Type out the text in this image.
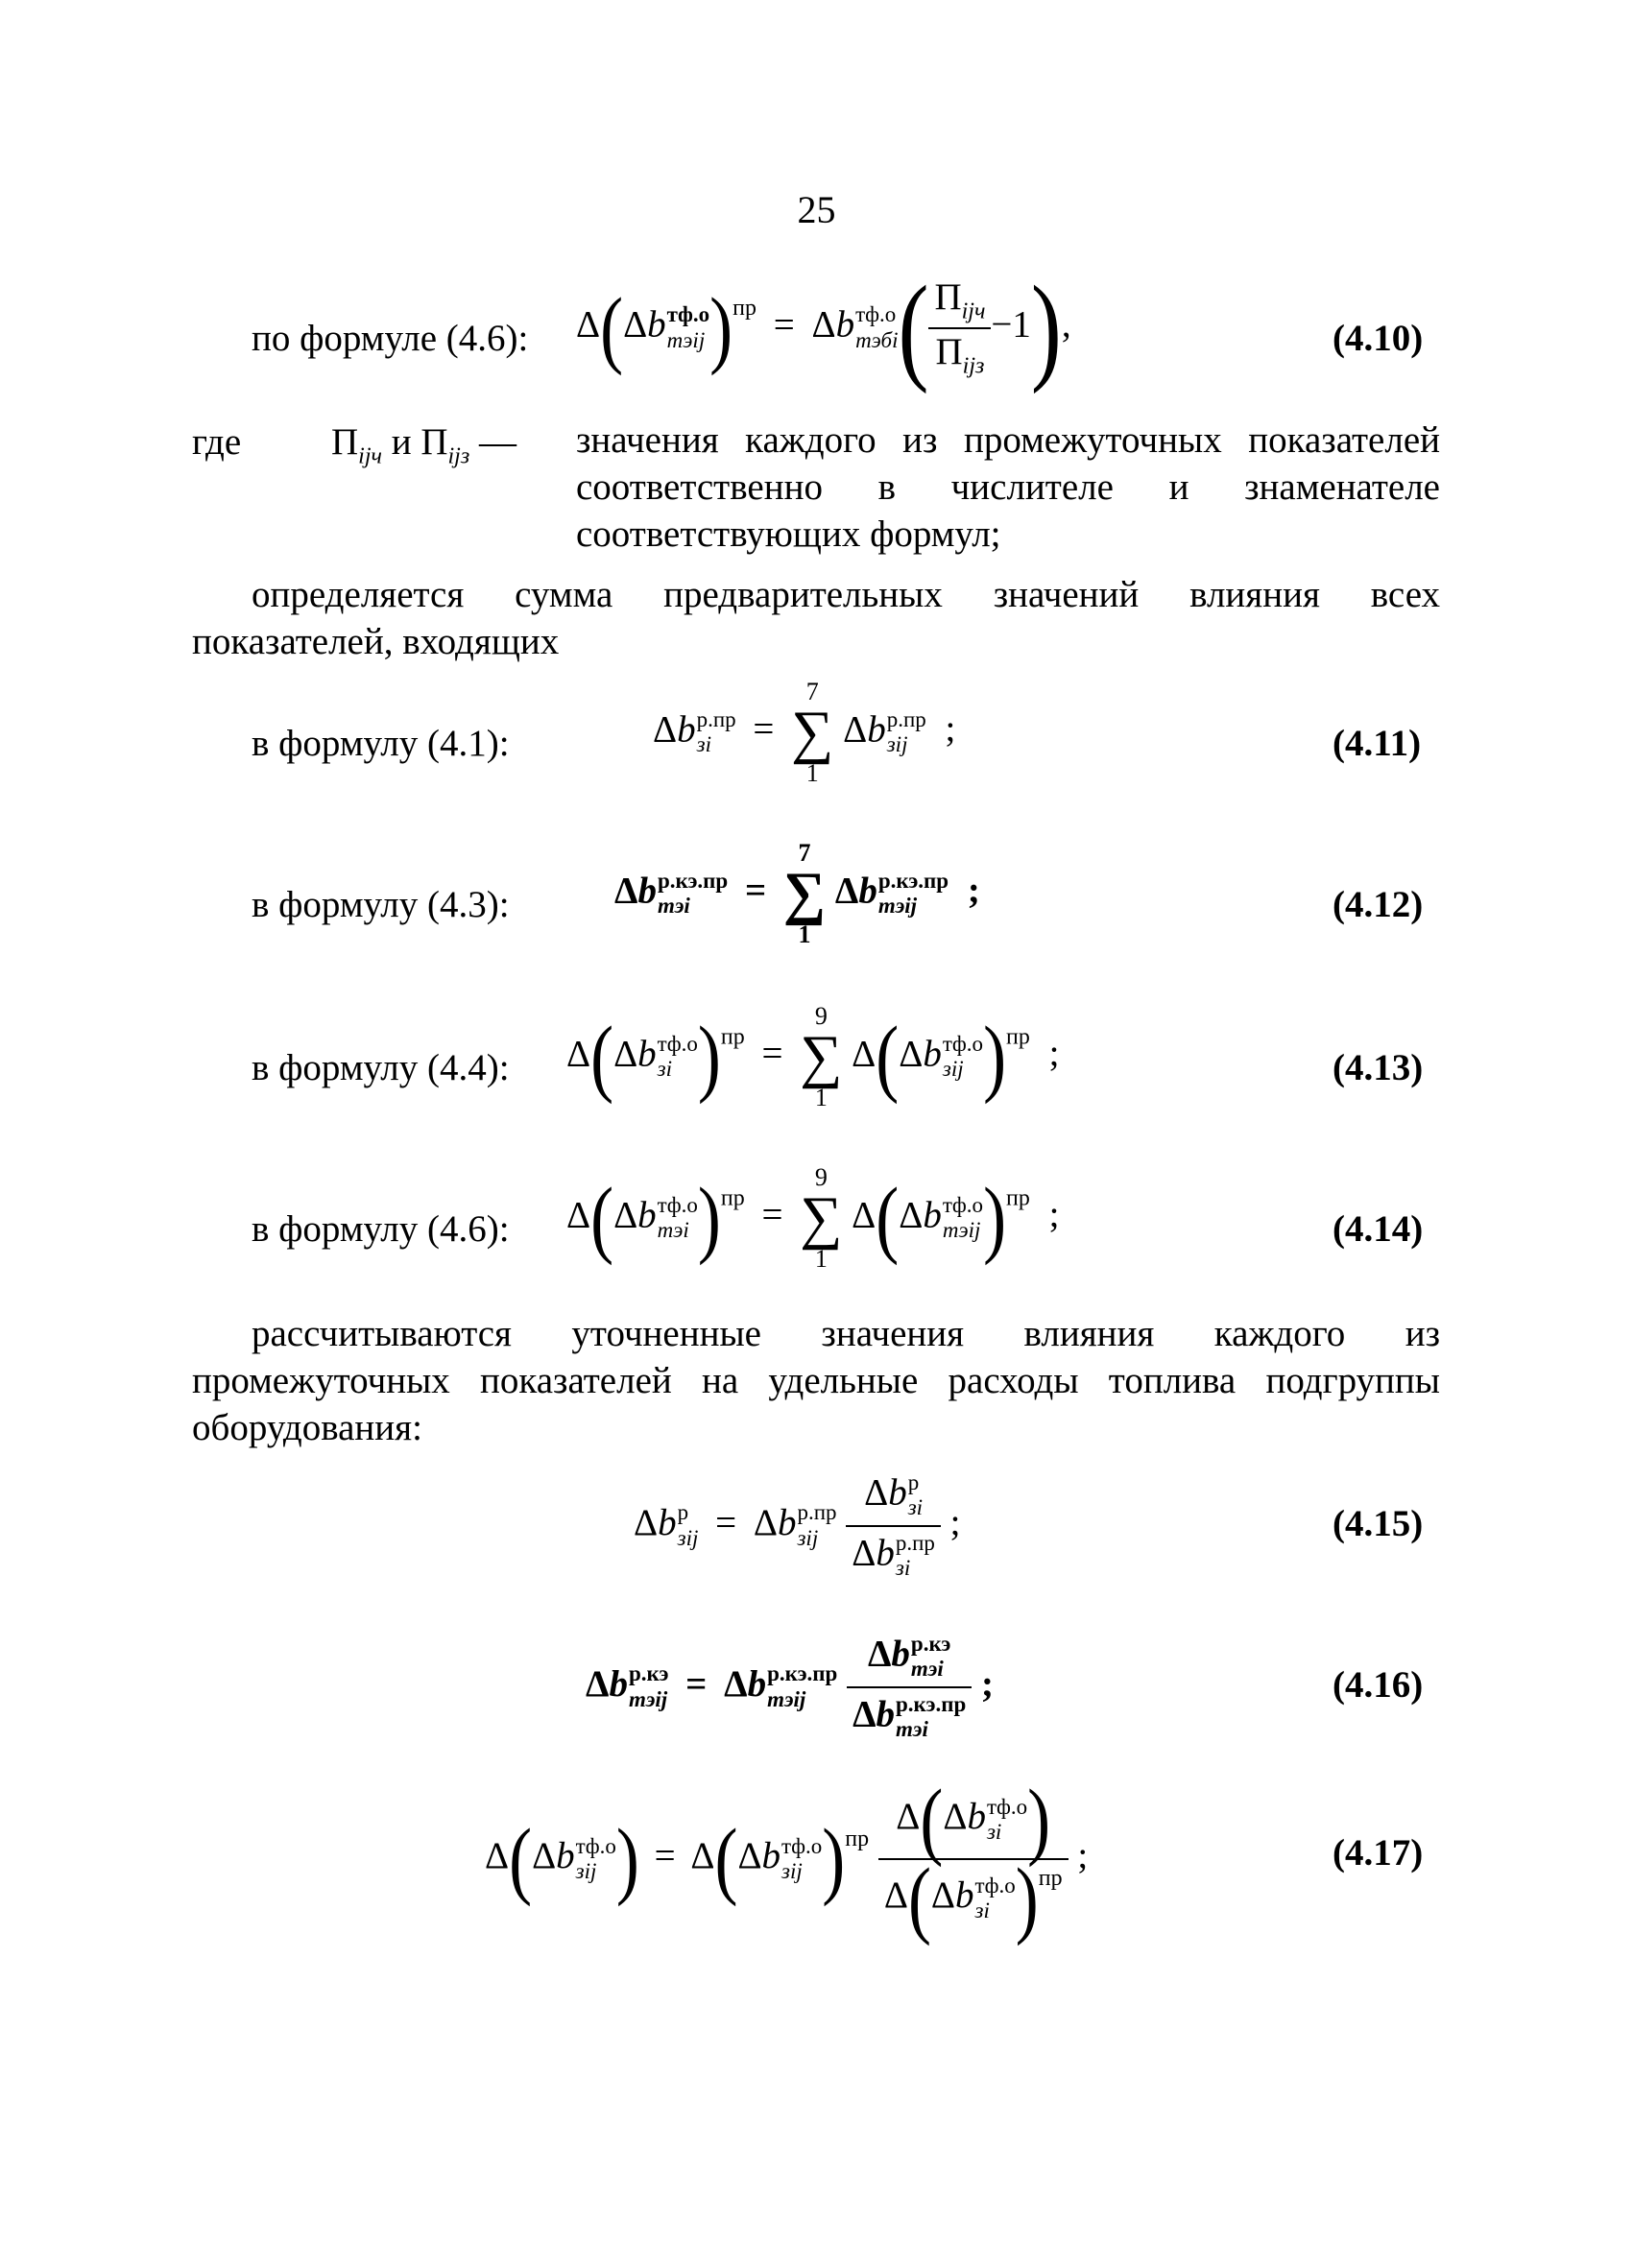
25
по формуле (4.6): Δ(Δb тф.о
тэij )$^{пр}$ = Δb тф.о
тэбi ( $\frac{П_{ijч}}{П_{ijз}} -1$),	(4.10)
где $П_{ijч}$ и $П_{ijз}$ — значения каждого из промежуточных показателей соответственно в числителе и знаменателе соответствующих формул;
определяется сумма предварительных значений влияния всех показателей, входящих
в формулу (4.1):	Δb р.пр
зi	=
7
∑
1
Δb р.пр
зij	;	(4.11)
в формулу (4.3):	Δb р.кэ.пр
тэi	=
7
∑
1
Δb р.кэ.пр
тэij	;	(4.12)
в формулу (4.4): Δ(Δb тф.о
зi )$^{пр}$ =
9
∑
1
Δ(Δb тф.о
зij )$^{пр}$ ;	(4.13)
в формулу (4.6): Δ(Δb тф.о
тэi )$^{пр}$ =
9
∑
1
Δ(Δb тф.о
тэij )$^{пр}$ ;	(4.14)
рассчитываются уточненные значения влияния каждого из промежуточных показателей на удельные расходы топлива подгруппы оборудования:
Δb р
зij = Δb р.пр
зij
Δb р
зi
Δb р.пр
зi ;	(4.15)
Δb р.кэ
тэij = Δb р.кэ.пр
тэij
	Δb р.кэ
тэi
Δb р.кэ.пр
тэi ;	(4.16)
Δ(Δb тф.о
зij ) = Δ(Δb тф.о
зij )$^{пр}$ Δ(Δb тф.о
зi )
Δ(Δb тф.о
зi )$^{пр}$ ;	(4.17)
